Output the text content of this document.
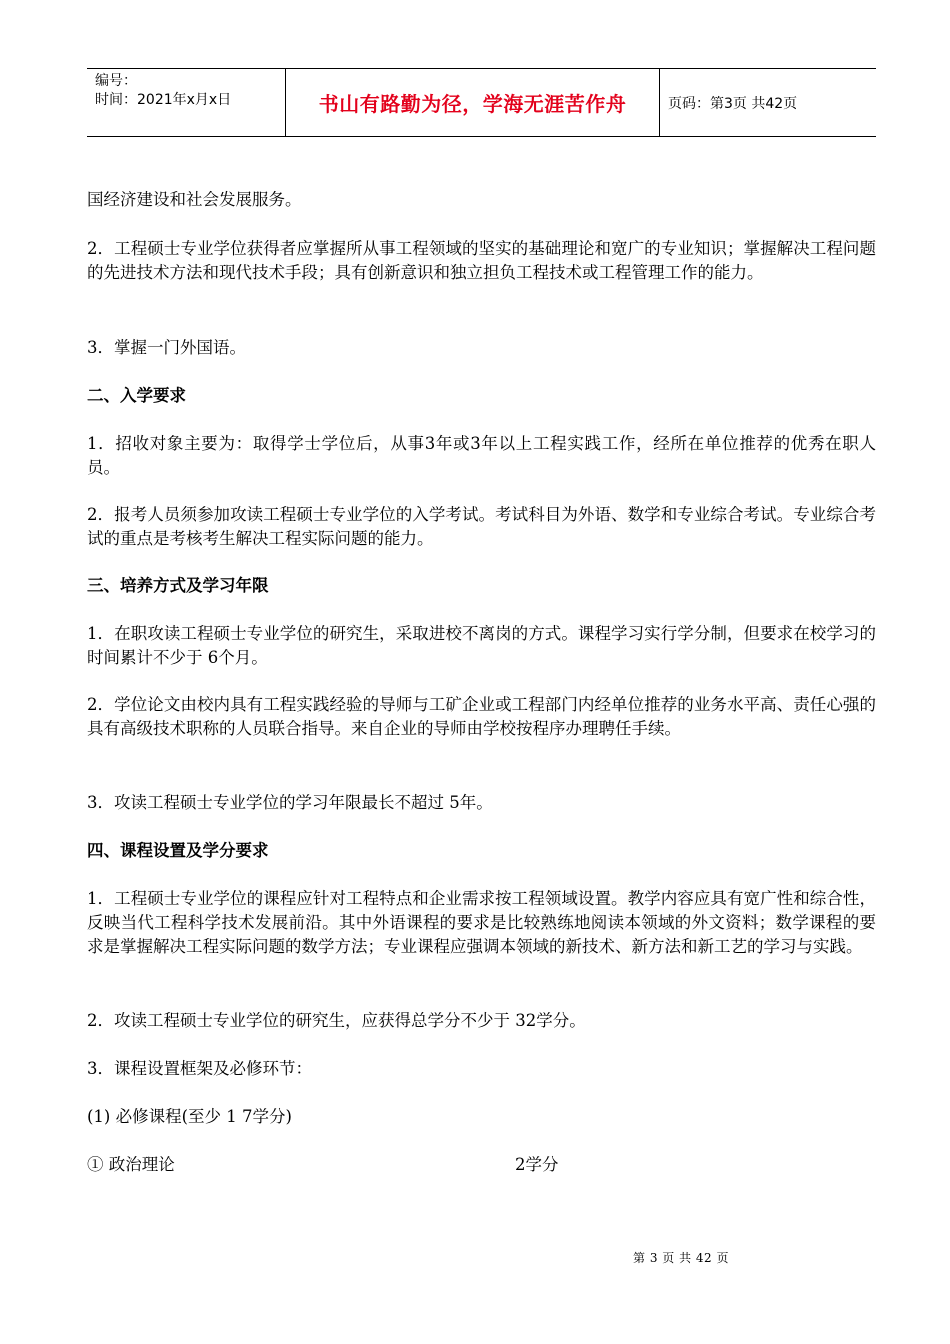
编号：
时间：2021年x月x日	书山有路勤为径，学海无涯苦作舟	页码：第3页 共42页

国经济建设和社会发展服务。

2．工程硕士专业学位获得者应掌握所从事工程领域的坚实的基础理论和宽广的专业知识；掌握解决工程问题的先进技术方法和现代技术手段；具有创新意识和独立担负工程技术或工程管理工作的能力。

3．掌握一门外国语。

二、入学要求

1．招收对象主要为：取得学士学位后，从事3年或3年以上工程实践工作，经所在单位推荐的优秀在职人员。

2．报考人员须参加攻读工程硕士专业学位的入学考试。考试科目为外语、数学和专业综合考试。专业综合考试的重点是考核考生解决工程实际问题的能力。

三、培养方式及学习年限

1．在职攻读工程硕士专业学位的研究生，采取进校不离岗的方式。课程学习实行学分制，但要求在校学习的时间累计不少于 6个月。

2．学位论文由校内具有工程实践经验的导师与工矿企业或工程部门内经单位推荐的业务水平高、责任心强的具有高级技术职称的人员联合指导。来自企业的导师由学校按程序办理聘任手续。

3．攻读工程硕士专业学位的学习年限最长不超过 5年。

四、课程设置及学分要求

1．工程硕士专业学位的课程应针对工程特点和企业需求按工程领域设置。教学内容应具有宽广性和综合性，反映当代工程科学技术发展前沿。其中外语课程的要求是比较熟练地阅读本领域的外文资料；数学课程的要求是掌握解决工程实际问题的数学方法；专业课程应强调本领域的新技术、新方法和新工艺的学习与实践。

2．攻读工程硕士专业学位的研究生，应获得总学分不少于 32学分。

3．课程设置框架及必修环节：

(1) 必修课程(至少 1 7学分)

① 政治理论	2学分
第 3 页 共 42 页
